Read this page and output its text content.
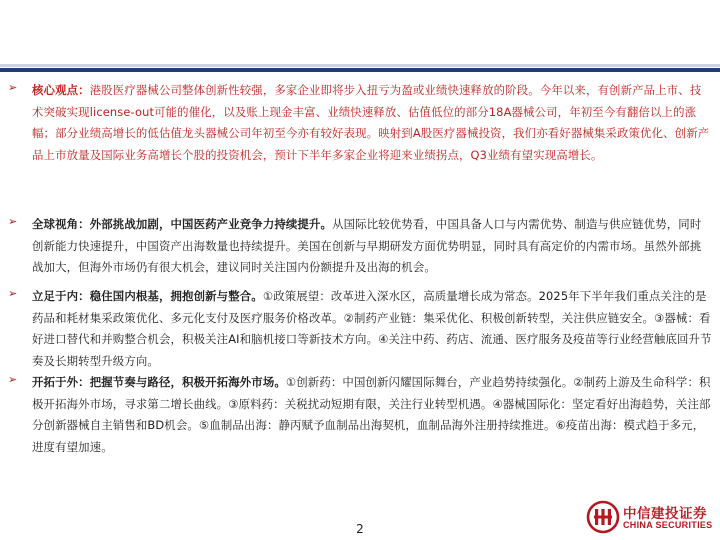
➢ 核心观点：港股医疗器械公司整体创新性较强，多家企业即将步入扭亏为盈或业绩快速释放的阶段。今年以来，有创新产品上市、技术突破实现license-out可能的催化，以及账上现金丰富、业绩快速释放、估值低位的部分18A器械公司，年初至今有翻倍以上的涨幅；部分业绩高增长的低估值龙头器械公司年初至今亦有较好表现。映射到A股医疗器械投资，我们亦看好器械集采政策优化、创新产品上市放量及国际业务高增长个股的投资机会，预计下半年多家企业将迎来业绩拐点，Q3业绩有望实现高增长。
➢ 全球视角：外部挑战加剧，中国医药产业竞争力持续提升。从国际比较优势看，中国具备人口与内需优势、制造与供应链优势，同时创新能力快速提升，中国资产出海数量也持续提升。美国在创新与早期研发方面优势明显，同时具有高定价的内需市场。虽然外部挑战加大，但海外市场仍有很大机会，建议同时关注国内份额提升及出海的机会。
➢ 立足于内：稳住国内根基，拥抱创新与整合。①政策展望：改革进入深水区，高质量增长成为常态。2025年下半年我们重点关注的是药品和耗材集采政策优化、多元化支付及医疗服务价格改革。②制药产业链：集采优化、积极创新转型，关注供应链安全。③器械：看好进口替代和并购整合机会，积极关注AI和脑机接口等新技术方向。④关注中药、药店、流通、医疗服务及疫苗等行业经营触底回升节奏及长期转型升级方向。
➢ 开拓于外：把握节奏与路径，积极开拓海外市场。①创新药：中国创新闪耀国际舞台，产业趋势持续强化。②制药上游及生命科学：积极开拓海外市场，寻求第二增长曲线。③原料药：关税扰动短期有限，关注行业转型机遇。④器械国际化：坚定看好出海趋势，关注部分创新器械自主销售和BD机会。⑤血制品出海：静丙赋予血制品出海契机，血制品海外注册持续推进。⑥疫苗出海：模式趋于多元，进度有望加速。
2
中信建投证券
CHINA SECURITIES
